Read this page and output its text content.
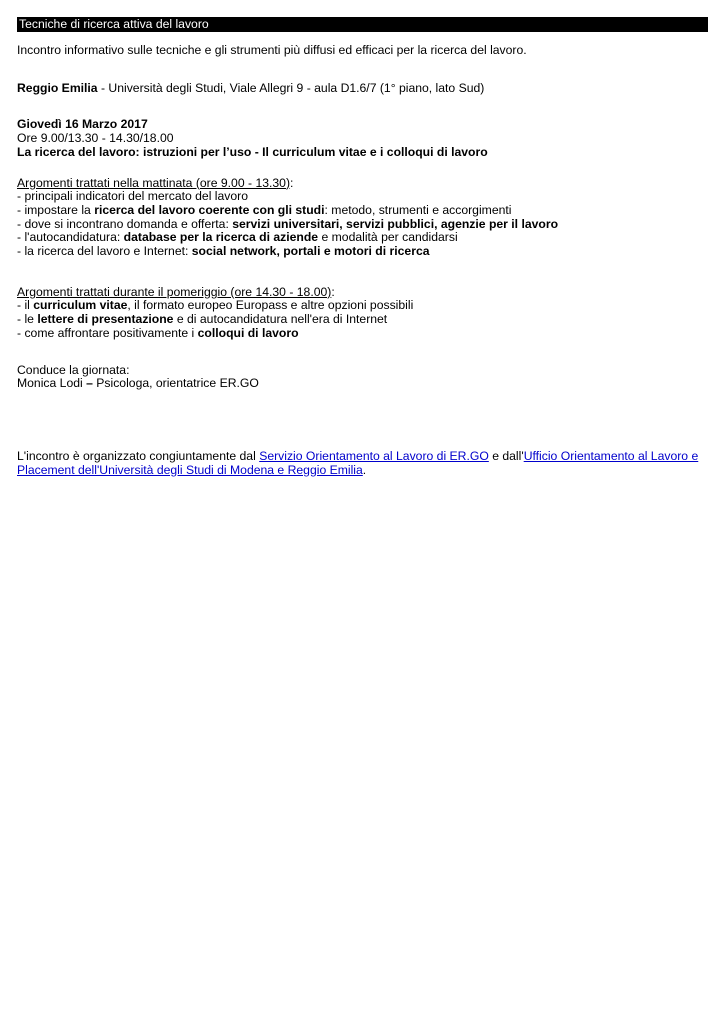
Tecniche di ricerca attiva del lavoro

Incontro informativo sulle tecniche e gli strumenti più diffusi ed efficaci per la ricerca del lavoro.

Reggio Emilia - Università degli Studi, Viale Allegri 9 - aula D1.6/7 (1° piano, lato Sud)

Giovedì 16 Marzo 2017

Ore 9.00/13.30 - 14.30/18.00

La ricerca del lavoro: istruzioni per l’uso - Il curriculum vitae e i colloqui di lavoro

Argomenti trattati nella mattinata (ore 9.00 - 13.30):

- principali indicatori del mercato del lavoro

- impostare la ricerca del lavoro coerente con gli studi: metodo, strumenti e accorgimenti

- dove si incontrano domanda e offerta: servizi universitari, servizi pubblici, agenzie per il lavoro

- l'autocandidatura: database per la ricerca di aziende e modalità per candidarsi

- la ricerca del lavoro e Internet: social network, portali e motori di ricerca

Argomenti trattati durante il pomeriggio (ore 14.30 - 18.00):

- il curriculum vitae, il formato europeo Europass e altre opzioni possibili

- le lettere di presentazione e di autocandidatura nell'era di Internet

- come affrontare positivamente i colloqui di lavoro

Conduce la giornata:

Monica Lodi – Psicologa, orientatrice ER.GO

L'incontro è organizzato congiuntamente dal Servizio Orientamento al Lavoro di ER.GO e dall'Ufficio Orientamento al Lavoro e Placement dell'Università degli Studi di Modena e Reggio Emilia.
